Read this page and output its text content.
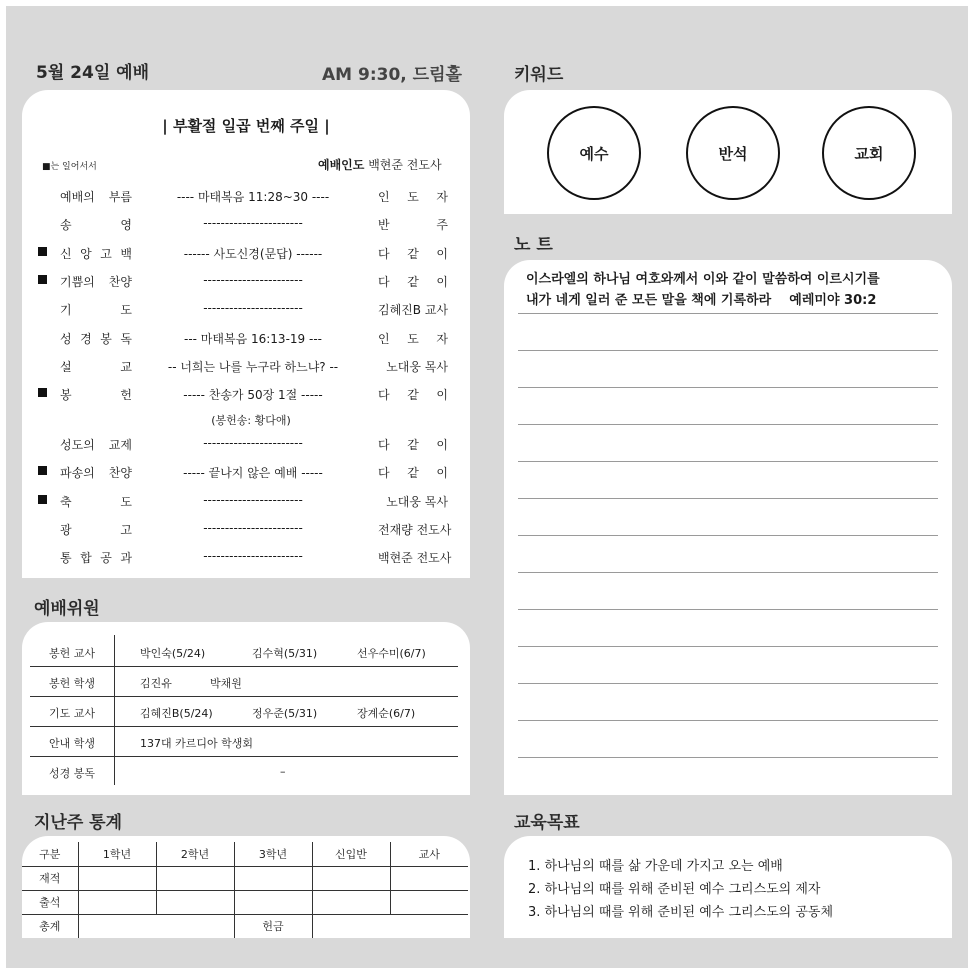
5월 24일 예배	AM 9:30, 드림홀	키워드
노 트
예배위원
지난주 통계	교육목표
| 부활절 일곱 번째 주일 |
■는 일어서서	예배인도 백현준 전도사
예배의 부름	---- 마태복음 11:28~30 ----	인 도 자
송 영	-----------------------	반 주
신 앙 고 백	------ 사도신경(문답) ------	다 같 이
기쁨의 찬양	-----------------------	다 같 이
기 도	-----------------------	김혜진B 교사
성 경 봉 독	--- 마태복음 16:13-19 ---	인 도 자
설 교	-- 너희는 나를 누구라 하느냐? --	노대웅 목사
봉 헌	----- 찬송가 50장 1절 -----	다 같 이
성도의 교제	-----------------------	다 같 이
파송의 찬양	----- 끝나지 않은 예배 -----	다 같 이
축 도	-----------------------	노대웅 목사
광 고	-----------------------	전재량 전도사
통 합 공 과	-----------------------	백현준 전도사
(봉헌송: 황다애)
예수	반석	교회
이스라엘의 하나님 여호와께서 이와 같이 말씀하여 이르시기를
내가 네게 일러 준 모든 말을 책에 기록하라    예레미야 30:2
봉헌 교사	박인숙(5/24)	김수혁(5/31)	선우수미(6/7)
봉헌 학생	김진유	박채원
기도 교사	김혜진B(5/24)	정우준(5/31)	장계순(6/7)
안내 학생	137대 카르디아 학생회
성경 봉독	–
구분	1학년	2학년	3학년	신입반	교사
재적					
출석					
총계			헌금		
1. 하나님의 때를 삶 가운데 가지고 오는 예배
2. 하나님의 때를 위해 준비된 예수 그리스도의 제자
3. 하나님의 때를 위해 준비된 예수 그리스도의 공동체
